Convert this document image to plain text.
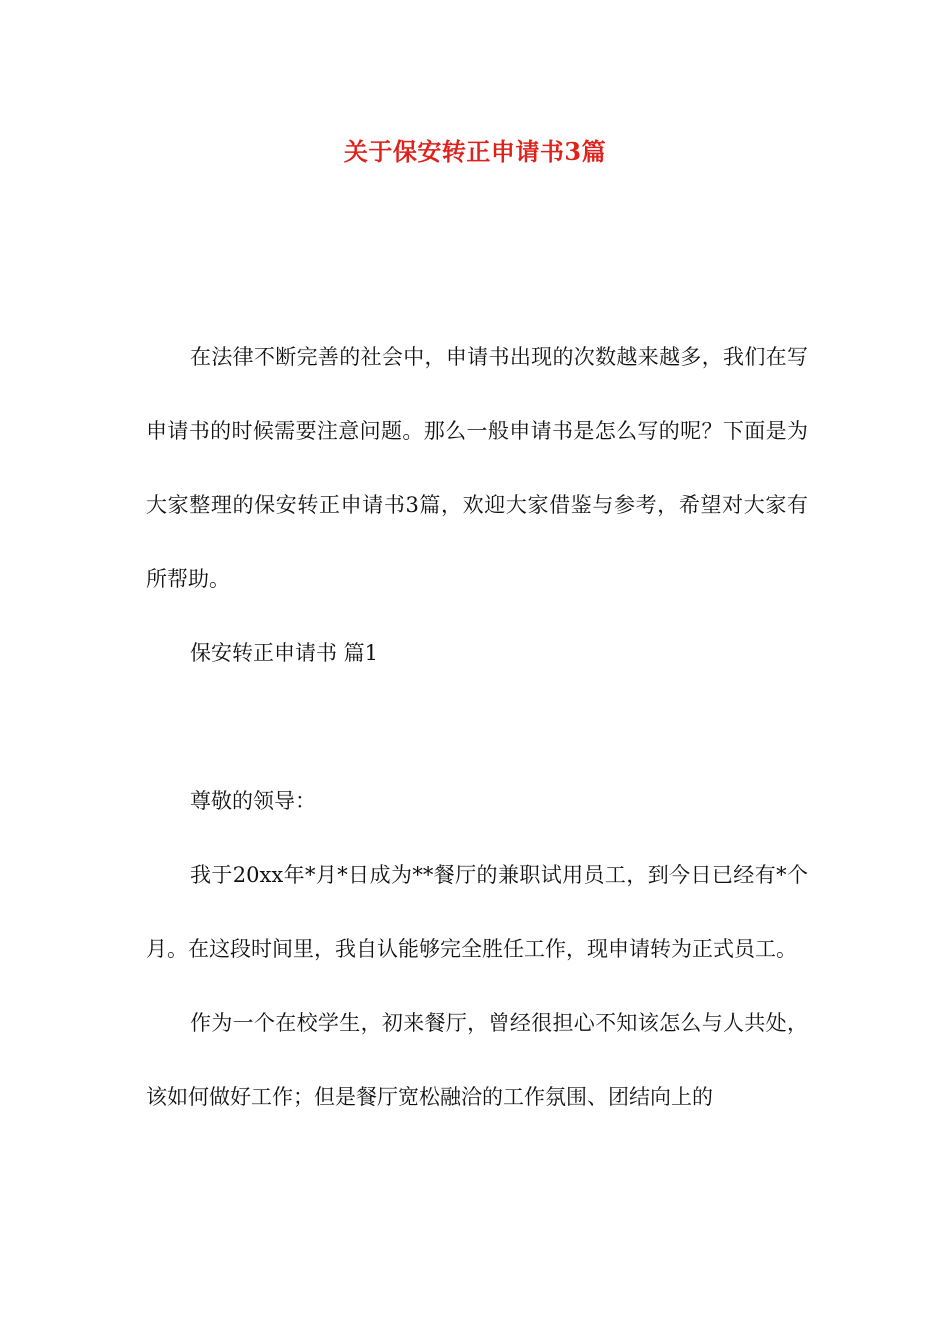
关于保安转正申请书3篇

在法律不断完善的社会中，申请书出现的次数越来越多，我们在写申请书的时候需要注意问题。那么一般申请书是怎么写的呢？下面是为大家整理的保安转正申请书3篇，欢迎大家借鉴与参考，希望对大家有所帮助。

保安转正申请书 篇1

尊敬的领导：

我于20xx年*月*日成为**餐厅的兼职试用员工，到今日已经有*个月。在这段时间里，我自认能够完全胜任工作，现申请转为正式员工。

作为一个在校学生，初来餐厅，曾经很担心不知该怎么与人共处，该如何做好工作；但是餐厅宽松融洽的工作氛围、团结向上的
